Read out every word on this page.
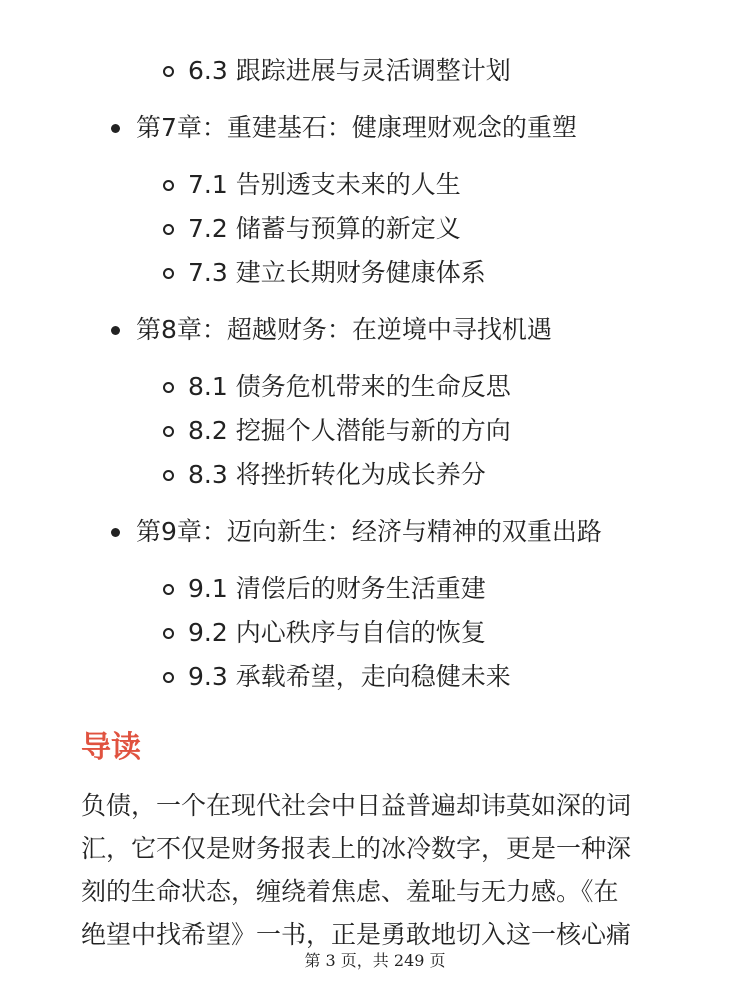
6.3 跟踪进展与灵活调整计划
第7章：重建基石：健康理财观念的重塑
7.1 告别透支未来的人生
7.2 储蓄与预算的新定义
7.3 建立长期财务健康体系
第8章：超越财务：在逆境中寻找机遇
8.1 债务危机带来的生命反思
8.2 挖掘个人潜能与新的方向
8.3 将挫折转化为成长养分
第9章：迈向新生：经济与精神的双重出路
9.1 清偿后的财务生活重建
9.2 内心秩序与自信的恢复
9.3 承载希望，走向稳健未来
导读
负债，一个在现代社会中日益普遍却讳莫如深的词
汇，它不仅是财务报表上的冰冷数字，更是一种深
刻的生命状态，缠绕着焦虑、羞耻与无力感。《在
绝望中找希望》一书，正是勇敢地切入这一核心痛
第 3 页，共 249 页
